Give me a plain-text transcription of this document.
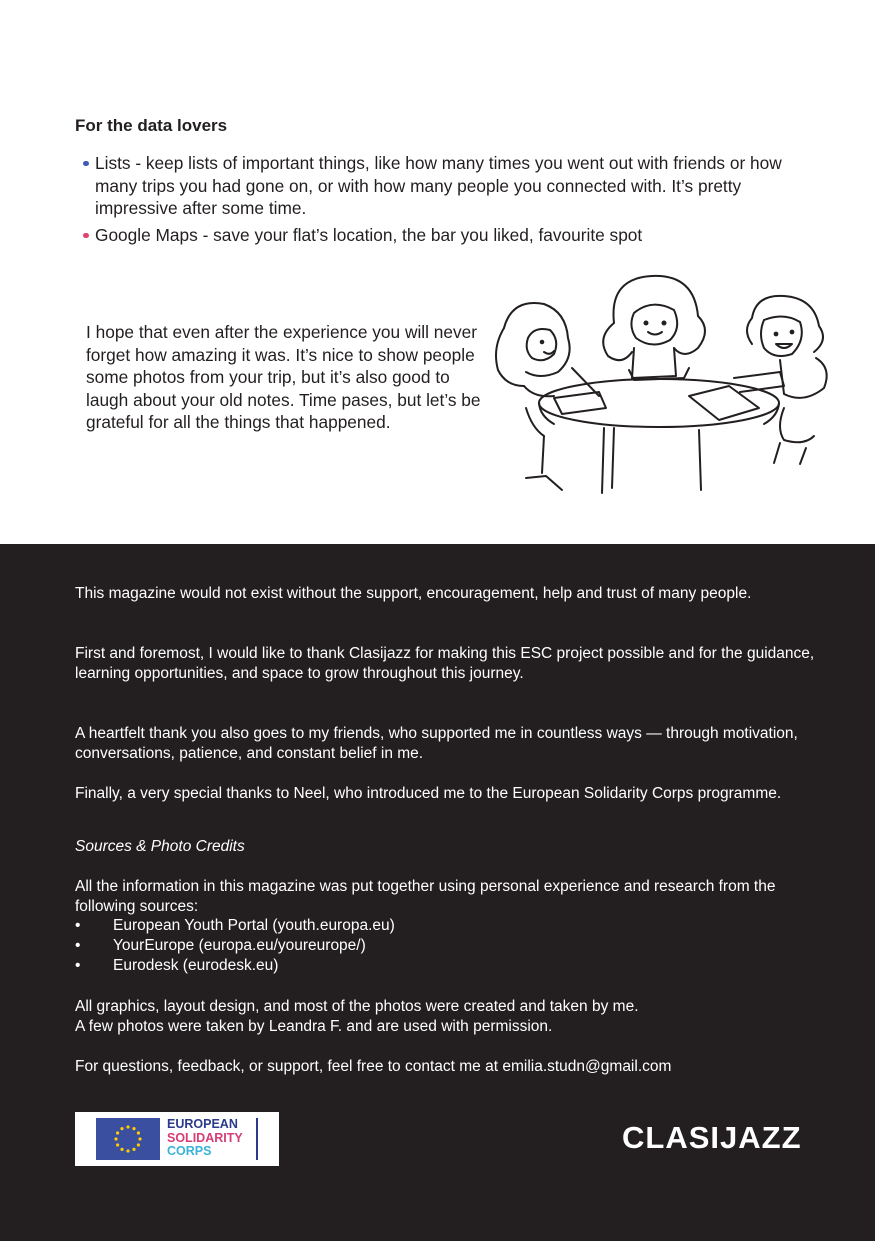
For the data lovers
Lists - keep lists of important things, like how many times you went out with friends or how many trips you had gone on, or with how many people you connected with. It’s pretty impressive after some time.
Google Maps - save your flat’s location, the bar you liked, favourite spot

I hope that even after the experience you will never forget how amazing it was. It’s nice to show people some photos from your trip, but it’s also good to laugh about your old notes. Time pases, but let’s be grateful for all the things that happened.

This magazine would not exist without the support, encouragement, help and trust of many people.

First and foremost, I would like to thank Clasijazz for making this ESC project possible and for the guidance, learning opportunities, and space to grow throughout this journey.

A heartfelt thank you also goes to my friends, who supported me in countless ways — through motivation, conversations, patience, and constant belief in me.

Finally, a very special thanks to Neel, who introduced me to the European Solidarity Corps programme.

Sources & Photo Credits

All the information in this magazine was put together using personal experience and research from the following sources:

• European Youth Portal (youth.europa.eu)
• YourEurope (europa.eu/youreurope/)
• Eurodesk (eurodesk.eu)

All graphics, layout design, and most of the photos were created and taken by me.

A few photos were taken by Leandra F. and are used with permission.

For questions, feedback, or support, feel free to contact me at emilia.studn@gmail.com

EUROPEAN
SOLIDARITY
CORPS	CLASIJAZZ
